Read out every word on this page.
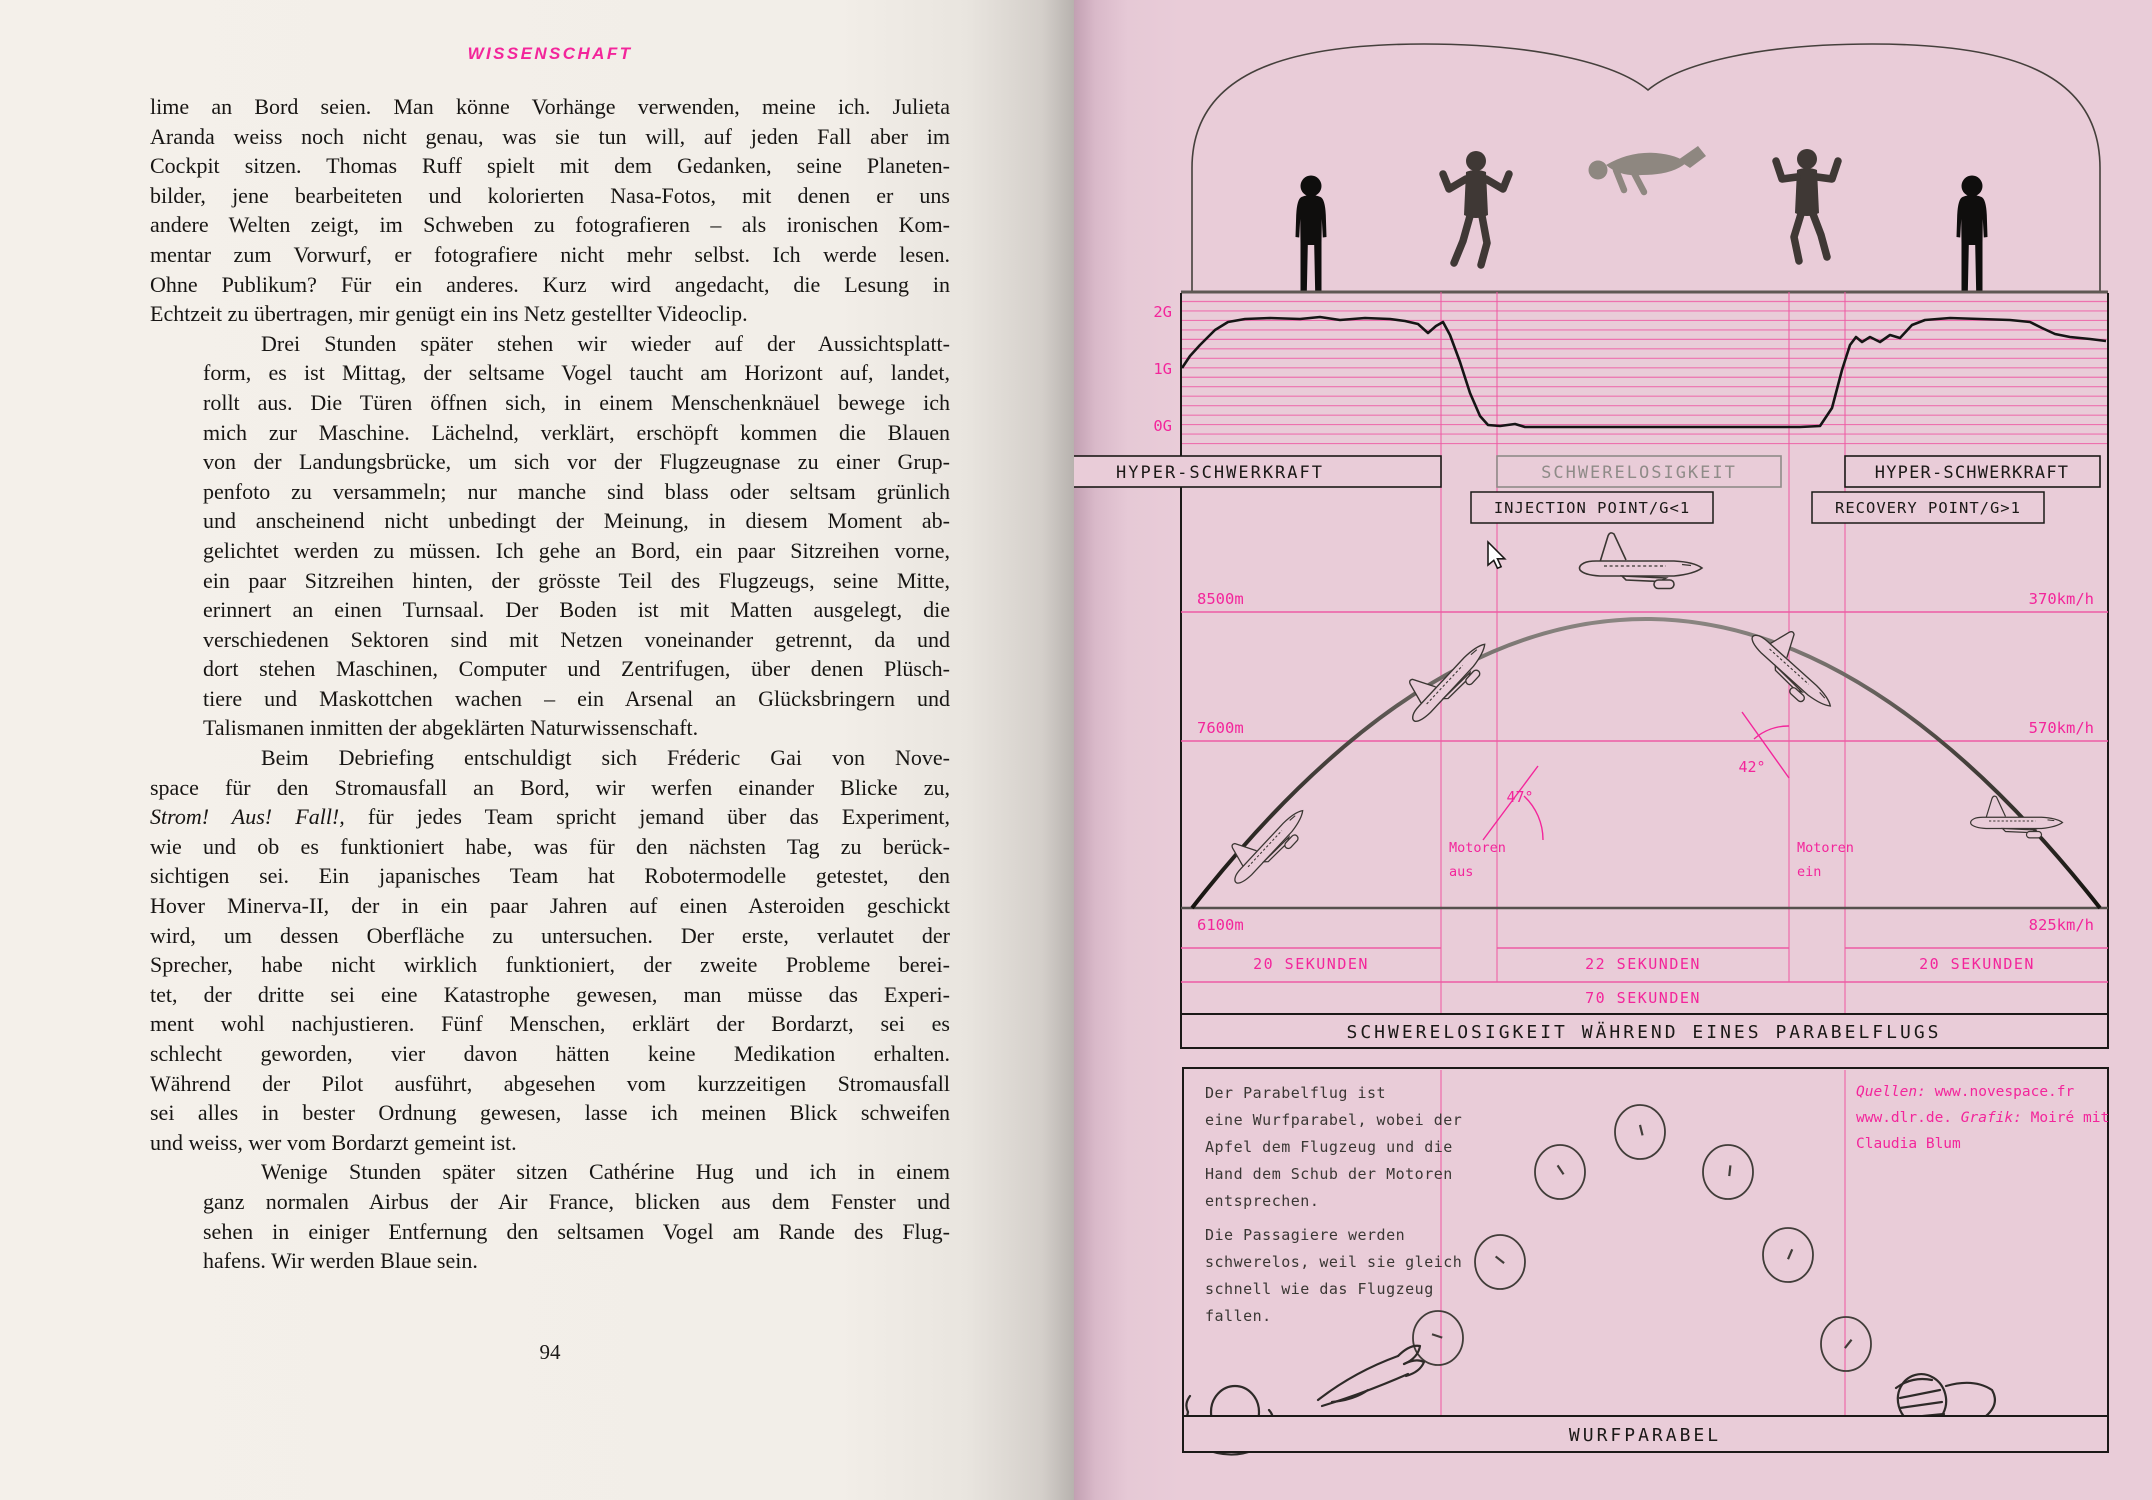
WISSENSCHAFT
lime an Bord seien. Man könne Vorhänge verwenden, meine ich. Julieta
Aranda weiss noch nicht genau, was sie tun will, auf jeden Fall aber im
Cockpit sitzen. Thomas Ruff spielt mit dem Gedanken, seine Planeten-
bilder, jene bearbeiteten und kolorierten Nasa-Fotos, mit denen er uns
andere Welten zeigt, im Schweben zu fotografieren – als ironischen Kom-
mentar zum Vorwurf, er fotografiere nicht mehr selbst. Ich werde lesen.
Ohne Publikum? Für ein anderes. Kurz wird angedacht, die Lesung in
Echtzeit zu übertragen, mir genügt ein ins Netz gestellter Videoclip.
Drei Stunden später stehen wir wieder auf der Aussichtsplatt-
form, es ist Mittag, der seltsame Vogel taucht am Horizont auf, landet,
rollt aus. Die Türen öffnen sich, in einem Menschenknäuel bewege ich
mich zur Maschine. Lächelnd, verklärt, erschöpft kommen die Blauen
von der Landungsbrücke, um sich vor der Flugzeugnase zu einer Grup-
penfoto zu versammeln; nur manche sind blass oder seltsam grünlich
und anscheinend nicht unbedingt der Meinung, in diesem Moment ab-
gelichtet werden zu müssen. Ich gehe an Bord, ein paar Sitzreihen vorne,
ein paar Sitzreihen hinten, der grösste Teil des Flugzeugs, seine Mitte,
erinnert an einen Turnsaal. Der Boden ist mit Matten ausgelegt, die
verschiedenen Sektoren sind mit Netzen voneinander getrennt, da und
dort stehen Maschinen, Computer und Zentrifugen, über denen Plüsch-
tiere und Maskottchen wachen – ein Arsenal an Glücksbringern und
Talismanen inmitten der abgeklärten Naturwissenschaft.
Beim Debriefing entschuldigt sich Fréderic Gai von Nove-
space für den Stromausfall an Bord, wir werfen einander Blicke zu,
Strom! Aus! Fall!, für jedes Team spricht jemand über das Experiment,
wie und ob es funktioniert habe, was für den nächsten Tag zu berück-
sichtigen sei. Ein japanisches Team hat Robotermodelle getestet, den
Hover Minerva-II, der in ein paar Jahren auf einen Asteroiden geschickt
wird, um dessen Oberfläche zu untersuchen. Der erste, verlautet der
Sprecher, habe nicht wirklich funktioniert, der zweite Probleme berei-
tet, der dritte sei eine Katastrophe gewesen, man müsse das Experi-
ment wohl nachjustieren. Fünf Menschen, erklärt der Bordarzt, sei es
schlecht geworden, vier davon hätten keine Medikation erhalten.
Während der Pilot ausführt, abgesehen vom kurzzeitigen Stromausfall
sei alles in bester Ordnung gewesen, lasse ich meinen Blick schweifen
und weiss, wer vom Bordarzt gemeint ist.
Wenige Stunden später sitzen Cathérine Hug und ich in einem
ganz normalen Airbus der Air France, blicken aus dem Fenster und
sehen in einiger Entfernung den seltsamen Vogel am Rande des Flug-
hafens. Wir werden Blaue sein.
94
2G
1G
0G
HYPER-SCHWERKRAFT	SCHWERELOSIGKEIT	HYPER-SCHWERKRAFT
INJECTION POINT/G<1	RECOVERY POINT/G>1
8500m
7600m
6100m
370km/h
570km/h
825km/h
47°
42°
Motoren
aus
Motoren
ein
20 SEKUNDEN	22 SEKUNDEN	20 SEKUNDEN
70 SEKUNDEN
SCHWERELOSIGKEIT WÄHREND EINES PARABELFLUGS
Der Parabelflug ist
eine Wurfparabel, wobei der
Apfel dem Flugzeug und die
Hand dem Schub der Motoren
entsprechen.
Die Passagiere werden
schwerelos, weil sie gleich
schnell wie das Flugzeug
fallen.
Quellen: www.novespace.fr
www.dlr.de. Grafik: Moiré mit
Claudia Blum
WURFPARABEL
